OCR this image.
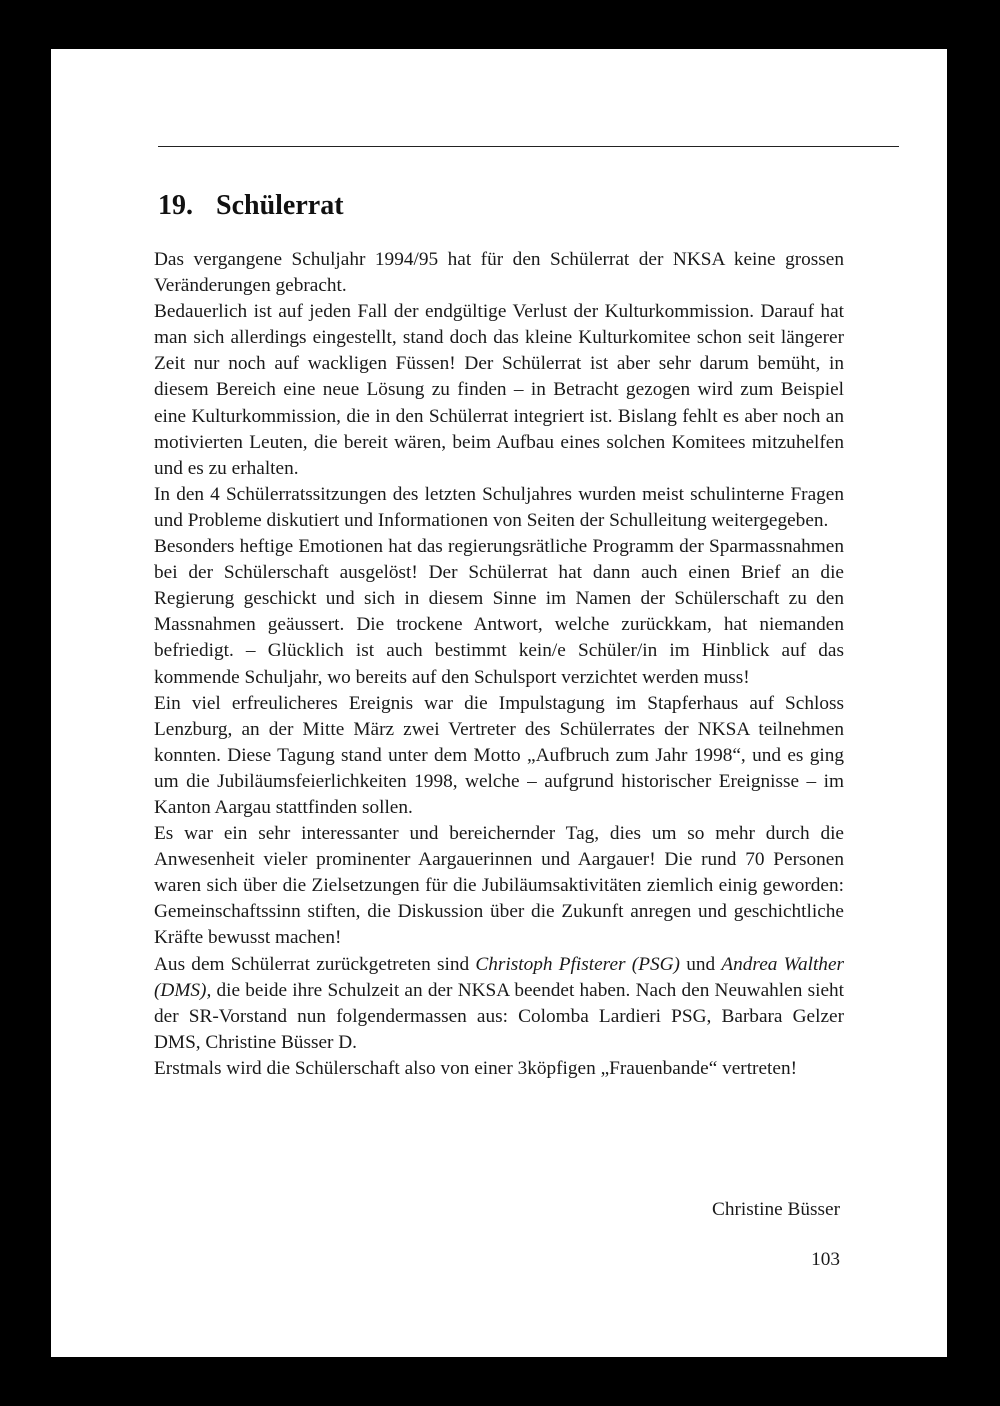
19. Schülerrat

Das vergangene Schuljahr 1994/95 hat für den Schülerrat der NKSA keine grossen Veränderungen gebracht.

Bedauerlich ist auf jeden Fall der endgültige Verlust der Kulturkommission. Darauf hat man sich allerdings eingestellt, stand doch das kleine Kulturkomitee schon seit längerer Zeit nur noch auf wackligen Füssen! Der Schülerrat ist aber sehr darum bemüht, in diesem Bereich eine neue Lösung zu finden – in Betracht gezogen wird zum Beispiel eine Kulturkommission, die in den Schülerrat integriert ist. Bislang fehlt es aber noch an motivierten Leuten, die bereit wären, beim Aufbau eines solchen Komitees mitzuhelfen und es zu erhalten.

In den 4 Schülerratssitzungen des letzten Schuljahres wurden meist schulinterne Fragen und Probleme diskutiert und Informationen von Seiten der Schulleitung weitergegeben.

Besonders heftige Emotionen hat das regierungsrätliche Programm der Sparmassnahmen bei der Schülerschaft ausgelöst! Der Schülerrat hat dann auch einen Brief an die Regierung geschickt und sich in diesem Sinne im Namen der Schülerschaft zu den Massnahmen geäussert. Die trockene Antwort, welche zurückkam, hat niemanden befriedigt. – Glücklich ist auch bestimmt kein/e Schüler/in im Hinblick auf das kommende Schuljahr, wo bereits auf den Schulsport verzichtet werden muss!

Ein viel erfreulicheres Ereignis war die Impulstagung im Stapferhaus auf Schloss Lenzburg, an der Mitte März zwei Vertreter des Schülerrates der NKSA teilnehmen konnten. Diese Tagung stand unter dem Motto „Aufbruch zum Jahr 1998“, und es ging um die Jubiläumsfeierlichkeiten 1998, welche – aufgrund historischer Ereignisse – im Kanton Aargau stattfinden sollen.

Es war ein sehr interessanter und bereichernder Tag, dies um so mehr durch die Anwesenheit vieler prominenter Aargauerinnen und Aargauer! Die rund 70 Personen waren sich über die Zielsetzungen für die Jubiläumsaktivitäten ziemlich einig geworden: Gemeinschaftssinn stiften, die Diskussion über die Zukunft anregen und geschichtliche Kräfte bewusst machen!

Aus dem Schülerrat zurückgetreten sind Christoph Pfisterer (PSG) und Andrea Walther (DMS), die beide ihre Schulzeit an der NKSA beendet haben. Nach den Neuwahlen sieht der SR-Vorstand nun folgendermassen aus: Colomba Lardieri PSG, Barbara Gelzer DMS, Christine Büsser D.

Erstmals wird die Schülerschaft also von einer 3köpfigen „Frauenbande“ vertreten!

Christine Büsser
103
